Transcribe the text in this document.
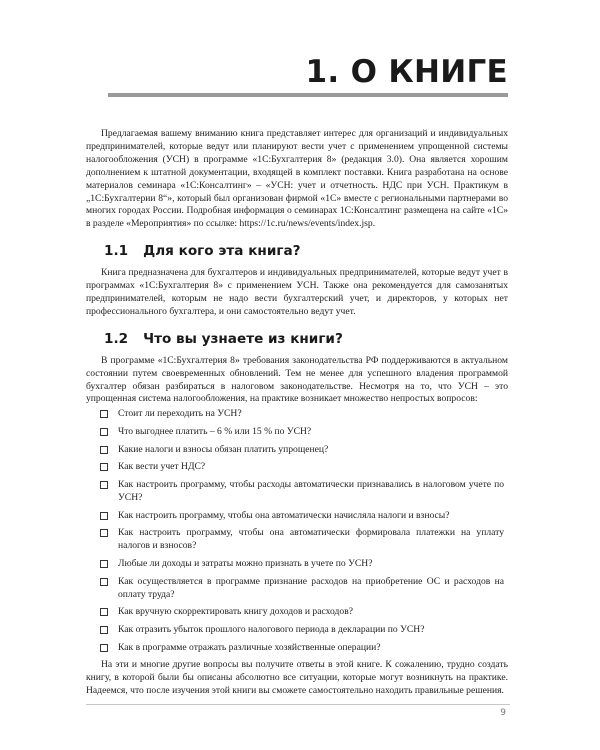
1. О КНИГЕ

Предлагаемая вашему вниманию книга представляет интерес для организаций и индивидуальных предпринимателей, которые ведут или планируют вести учет с применением упрощенной системы налогообложения (УСН) в программе «1С:Бухгалтерия 8» (редакция 3.0). Она является хорошим дополнением к штатной документации, входящей в комплект поставки. Книга разработана на основе материалов семинара «1С:Консалтинг» – «УСН: учет и отчетность. НДС при УСН. Практикум в „1С:Бухгалтерии 8“», который был организован фирмой «1С» вместе с региональными партнерами во многих городах России. Подробная информация о семинарах 1С:Консалтинг размещена на сайте «1С» в разделе «Мероприятия» по ссылке: https://1c.ru/news/events/index.jsp.

1.1 Для кого эта книга?

Книга предназначена для бухгалтеров и индивидуальных предпринимателей, которые ведут учет в программах «1С:Бухгалтерия 8» с применением УСН. Также она рекомендуется для самозанятых предпринимателей, которым не надо вести бухгалтерский учет, и директоров, у которых нет профессионального бухгалтера, и они самостоятельно ведут учет.

1.2 Что вы узнаете из книги?

В программе «1С:Бухгалтерия 8» требования законодательства РФ поддерживаются в актуальном состоянии путем своевременных обновлений. Тем не менее для успешного владения программой бухгалтер обязан разбираться в налоговом законодательстве. Несмотря на то, что УСН – это упрощенная система налогообложения, на практике возникает множество непростых вопросов:

Стоит ли переходить на УСН?
Что выгоднее платить – 6 % или 15 % по УСН?
Какие налоги и взносы обязан платить упрощенец?
Как вести учет НДС?
Как настроить программу, чтобы расходы автоматически признавались в налоговом учете по УСН?
Как настроить программу, чтобы она автоматически начисляла налоги и взносы?
Как настроить программу, чтобы она автоматически формировала платежки на уплату налогов и взносов?
Любые ли доходы и затраты можно признать в учете по УСН?
Как осуществляется в программе признание расходов на приобретение ОС и расходов на оплату труда?
Как вручную скорректировать книгу доходов и расходов?
Как отразить убыток прошлого налогового периода в декларации по УСН?
Как в программе отражать различные хозяйственные операции?

На эти и многие другие вопросы вы получите ответы в этой книге. К сожалению, трудно создать книгу, в которой были бы описаны абсолютно все ситуации, которые могут возникнуть на практике. Надеемся, что после изучения этой книги вы сможете самостоятельно находить правильные решения.

9
